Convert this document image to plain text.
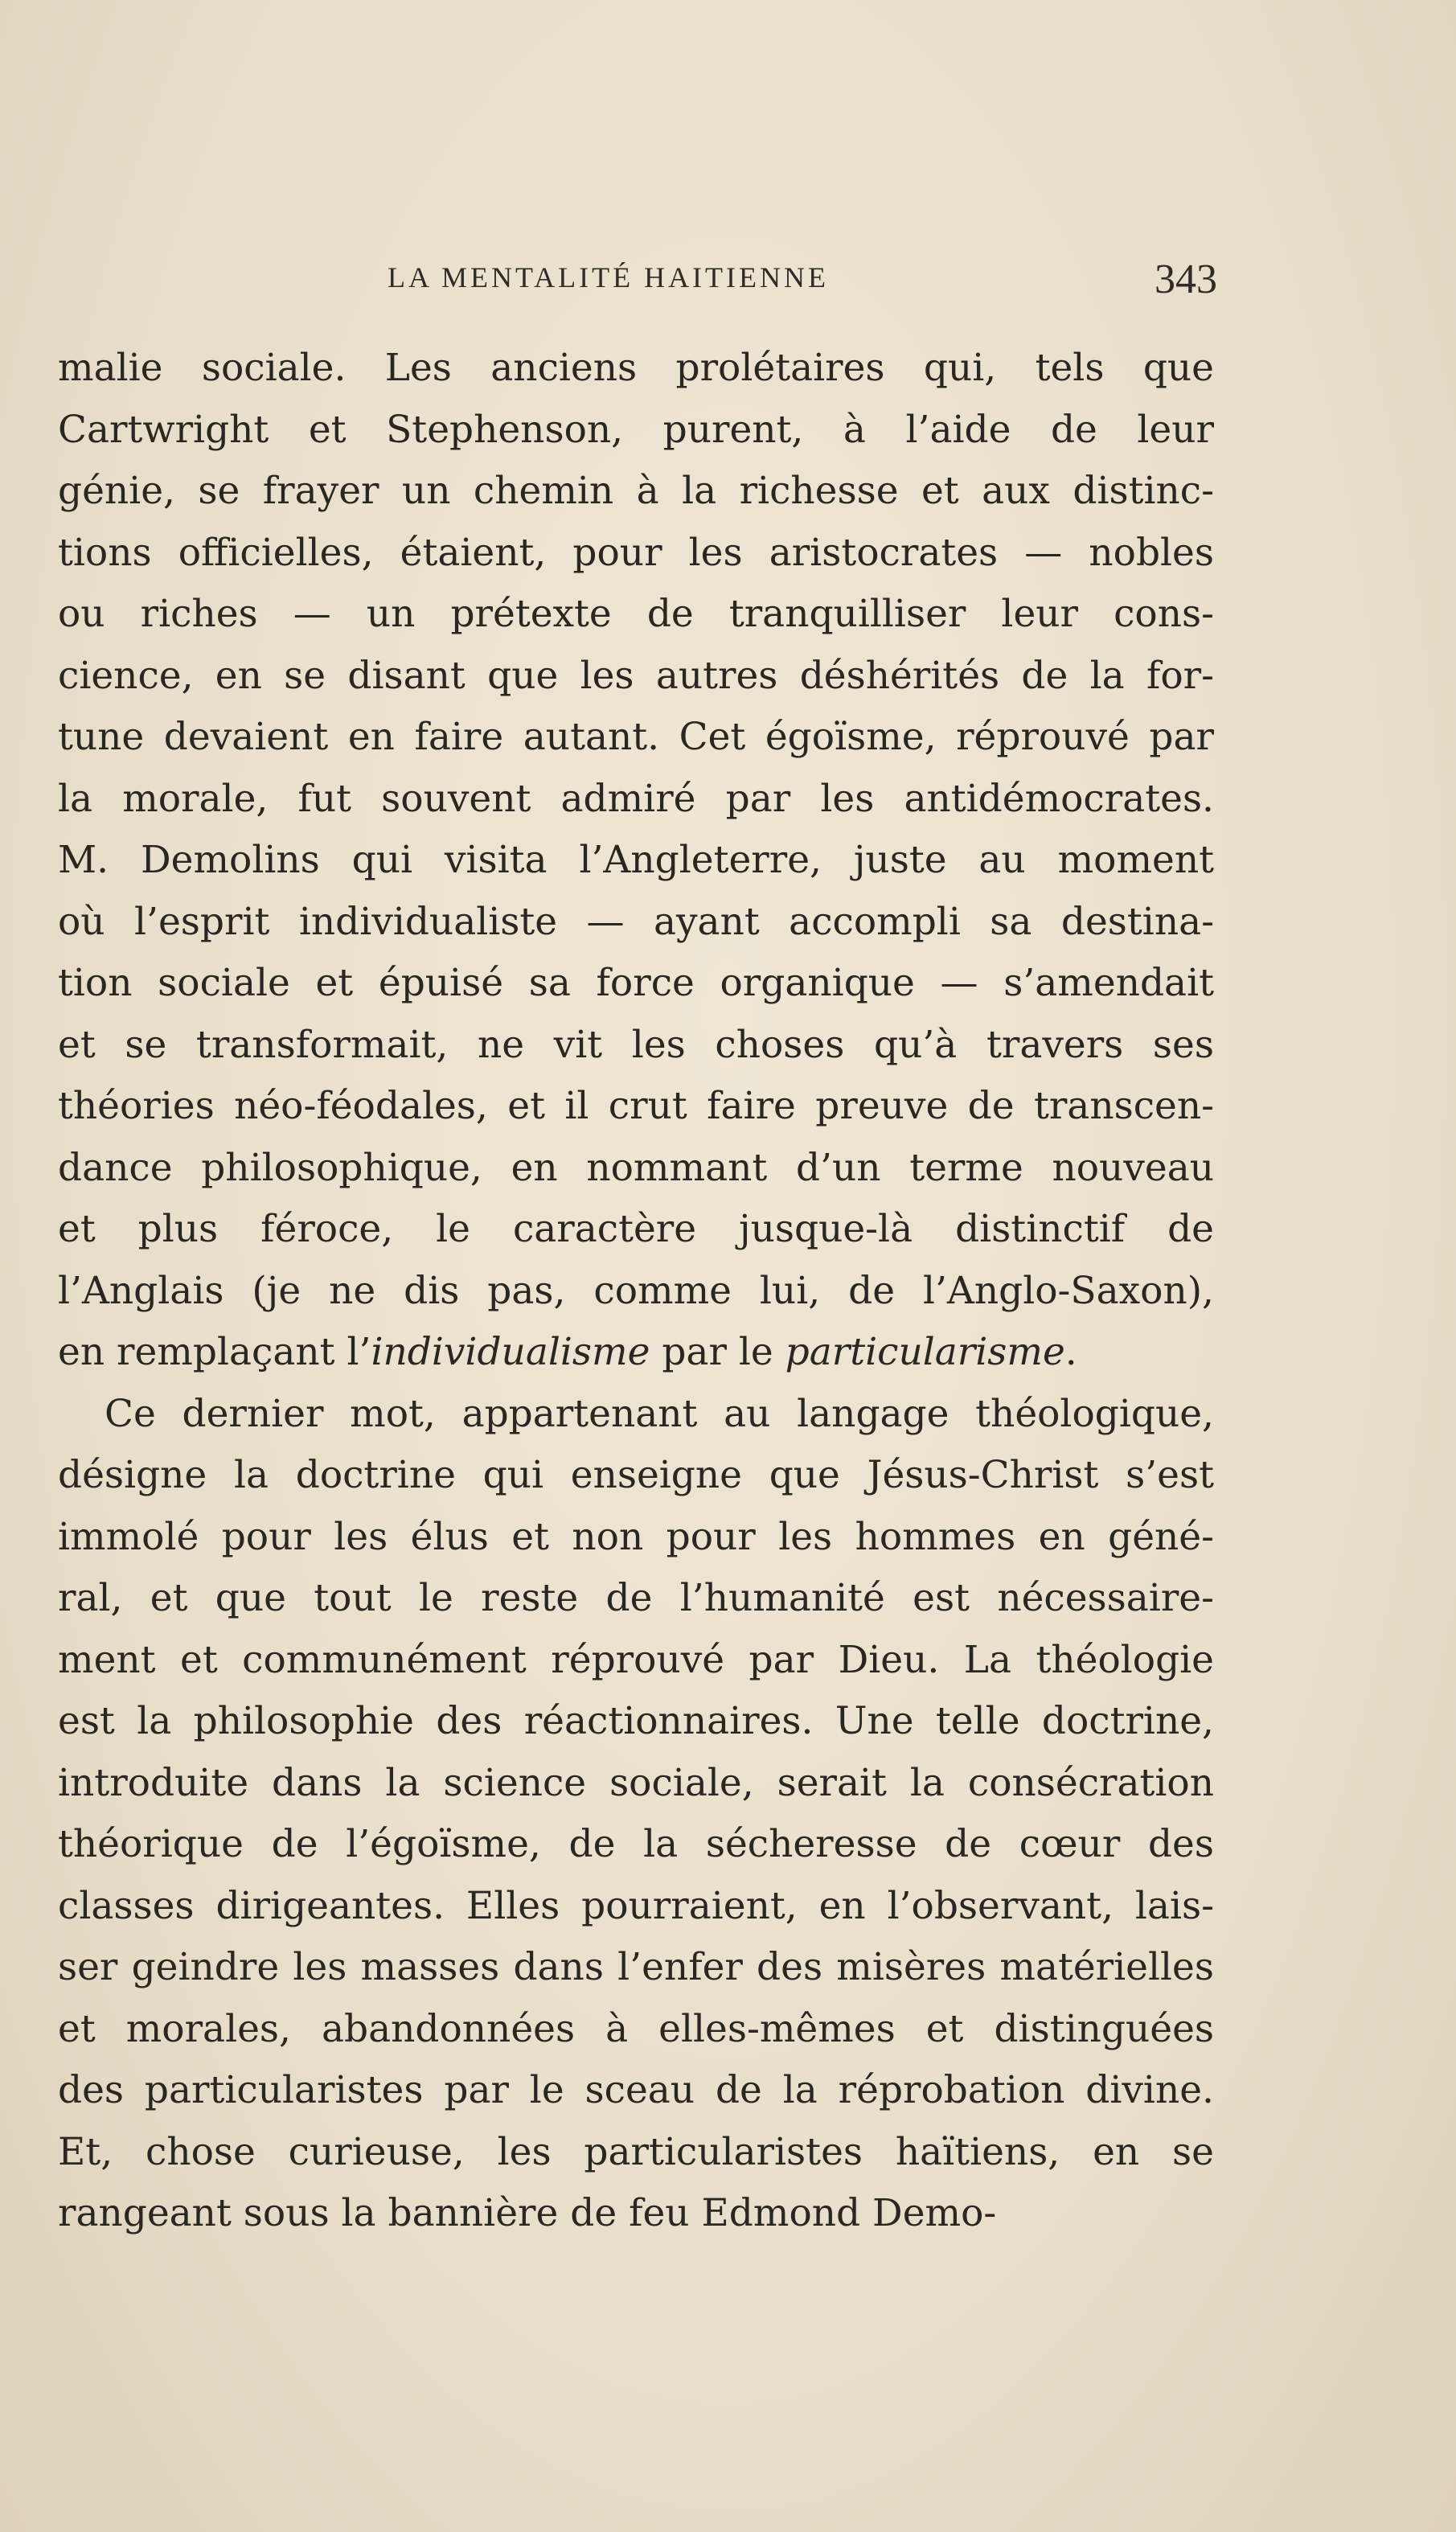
LA MENTALITÉ HAITIENNE	343
malie sociale. Les anciens prolétaires qui, tels que
Cartwright et Stephenson, purent, à l’aide de leur
génie, se frayer un chemin à la richesse et aux distinc-
tions officielles, étaient, pour les aristocrates — nobles
ou riches — un prétexte de tranquilliser leur cons-
cience, en se disant que les autres déshérités de la for-
tune devaient en faire autant. Cet égoïsme, réprouvé par
la morale, fut souvent admiré par les antidémocrates.
M. Demolins qui visita l’Angleterre, juste au moment
où l’esprit individualiste — ayant accompli sa destina-
tion sociale et épuisé sa force organique — s’amendait
et se transformait, ne vit les choses qu’à travers ses
théories néo-féodales, et il crut faire preuve de transcen-
dance philosophique, en nommant d’un terme nouveau
et plus féroce, le caractère jusque-là distinctif de
l’Anglais (je ne dis pas, comme lui, de l’Anglo-Saxon),
en remplaçant l’individualisme par le particularisme.
Ce dernier mot, appartenant au langage théologique,
désigne la doctrine qui enseigne que Jésus-Christ s’est
immolé pour les élus et non pour les hommes en géné-
ral, et que tout le reste de l’humanité est nécessaire-
ment et communément réprouvé par Dieu. La théologie
est la philosophie des réactionnaires. Une telle doctrine,
introduite dans la science sociale, serait la consécration
théorique de l’égoïsme, de la sécheresse de cœur des
classes dirigeantes. Elles pourraient, en l’observant, lais-
ser geindre les masses dans l’enfer des misères matérielles
et morales, abandonnées à elles-mêmes et distinguées
des particularistes par le sceau de la réprobation divine.
Et, chose curieuse, les particularistes haïtiens, en se
rangeant sous la bannière de feu Edmond Demo-
